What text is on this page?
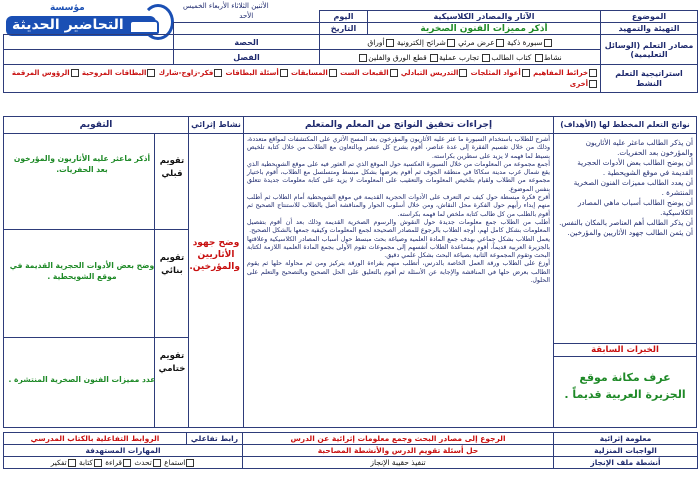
مؤسسة
التحاضير الحديثة
الموضوع	الآثار والمصادر الكلاسيكية	اليوم	الأحد	
التهيئة والتمهيد	أذكر مميزات الفنون الصخرية	التاريخ		
الأثنين الثلاثاء الأربعاء الخميس
مصادر التعلم (الوسائل التعليمية)	سبورة ذكية عرض مرئي شرائح إلكترونية أوراق	الحصة	
	نشاط كتاب الطالب تجارب عملية قطع الورق والفلين	الفصل	
استراتيجية التعلم النشط	خرائط المفاهيم أعواد المثلجات التدريس التبادلي القبعات الست المسابقات أسئلة البطاقات فكر-زاوج-شارك البطاقات المروحية الرؤوس المرقمة أخرى		
نواتج التعلم المخطط لها (الأهداف)
أن يذكر الطالب ماعثر عليه الأثاريون والمؤرخون بعد الحفريات.
أن يوضح الطالب بعض الأدوات الحجرية القديمة في موقع الشويحطية .
أن يعدد الطالب مميزات الفنون الصخرية المنتشرة .
أن يوضح الطالب أسباب ماهي المصادر الكلاسيكية.
أن يذكر الطالب أهم العناصر بالمكان بالنفس.
أن يثمن الطالب جهود الأثاريين والمؤرخين.
الخبرات السابقة
عرف مكانة موقع الجزيرة العربية قديماً .
إجراءات تحقيق النواتج من المعلم والمتعلم
أشرح للطلاب باستخدام السبورة ما عثر عليه الأثاريون والمؤرخون بعد المسح الأثري على المكتشفات لمواقع متعددة، وذلك من خلال تقسيم الفقرة إلى عدة عناصر، أقوم بشرح كل عنصر وبالتعاون مع الطلاب من خلال كتابة تلخيص بسيط لما فهمه لا يزيد على سطرين بكراسته.
أجمع مجموعة من المعلومات من خلال السبورة العكسية حول الموقع الذي تم العثور فيه على موقع الشويحطية الذي يقع شمال غرب مدينة سكاكا في منطقة الجوف ثم أقوم بعرضها بشكل مبسط ومتسلسل مع الطلاب، أقوم باختيار مجموعة من الطلاب ولقيام بتلخيص المعلومات والتعقيب على المعلومات لا يزيد على كتابة معلومات جديدة تتعلق بنفس الموضوع.
أقرح فكرة مبسطة حول كيف تم التعرف على الأدوات الحجرية القديمة في موقع الشويحطية أمام الطلاب ثم أطلب منهم إبداء رأيهم حول الفكرة محل النقاش، ومن خلال أسلوب الحوار والمناقشة أصل بالطلاب للاستنتاج الصحيح ثم أقوم بالطلب من كل طالب كتابة ملخص لما فهمه بكراسته.
أطلب من الطلاب جمع معلومات جديدة حول النقوش والرسوم الصخرية القديمة وذلك بعد أن أقوم بتفصيل المعلومات بشكل كامل لهم، أوجه الطلاب بالرجوع للمصادر الصحيحة لجمع المعلومات وكيفية جمعها بالشكل الصحيح.
يعمل الطلاب بشكل جماعي بهدف جمع المادة العلمية وصياغة بحث مبسط حول أسباب المصادر الكلاسيكية وعلاقتها بالجزيرة العربية قديماً، أقوم بمساعدة الطلاب أنفسهم إلى مجموعات تقوم الأولى بجمع المادة العلمية اللازمة لكتابة البحث وتقوم المجموعة الثانية بصياغة البحث بشكل علمي دقيق.
أوزع على الطلاب ورقة العمل الخاصة بالدرس، أتطلب منهم بقراءة الورقة بتركيز ومن ثم محاولة حلها ثم يقوم الطالب بعرض حلها في المناقشة والإجابة عن الأسئلة ثم أقوم بالتعليق على الحل الصحيح وبالتصحيح والتعلم على الحلول.
نشاط إثرائي
وضح جهود الأثاريين والمؤرخين.
التقويم
تقويم قبلي
أذكر ماعثر عليه الأثاريون والمؤرخون بعد الحفريات.
تقويم بنائي
وضح بعض الأدوات الحجرية القديمة في موقع الشويحطية .
تقويم ختامي
عدد مميزات الفنون الصخرية المنتشرة .
معلومة إثرائية	الرجوع إلى مصادر البحث وجمع معلومات إثرائية عن الدرس	رابط تفاعلي	الروابط التفاعلية بالكتاب المدرسي
الواجبات المنزلية	حل أسئلة تقويم الدرس والأنشطة المصاحبة	المهارات المستهدفة	
أنشطة ملف الإنجاز	تنفيذ حقيبة الإنجاز	استماع تحدث قراءة كتابة تفكير	
